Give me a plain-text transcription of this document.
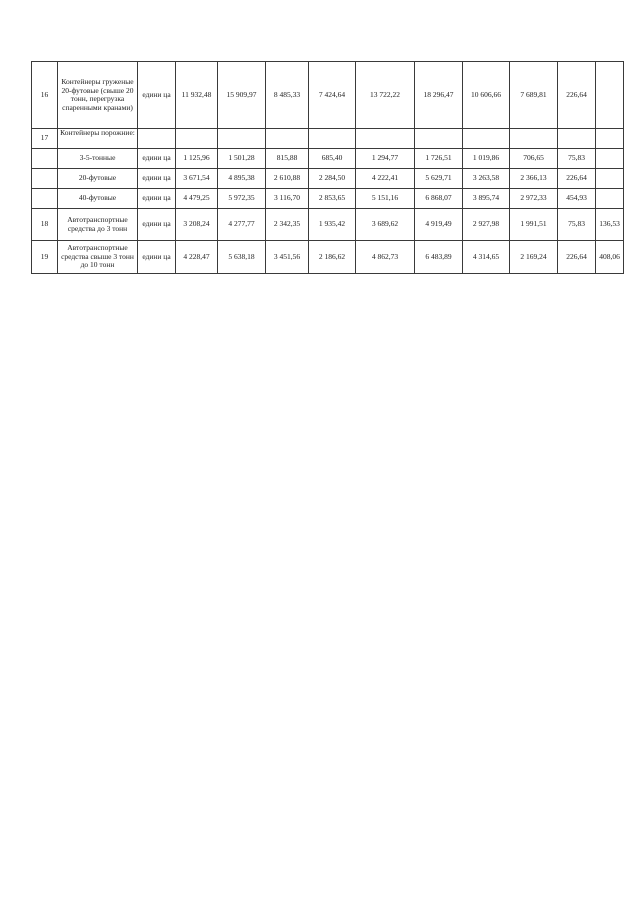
16	Контейнеры груженые 20-футовые (свыше 20 тонн, перегрузка спаренными кранами)	едини ца	11 932,48	15 909,97	8 485,33	7 424,64	13 722,22	18 296,47	10 606,66	7 689,81	226,64	
17	Контейнеры порожние:											
	3-5-тонные	едини ца	1 125,96	1 501,28	815,88	685,40	1 294,77	1 726,51	1 019,86	706,65	75,83	
	20-футовые	едини ца	3 671,54	4 895,38	2 610,88	2 284,50	4 222,41	5 629,71	3 263,58	2 366,13	226,64	
	40-футовые	едини ца	4 479,25	5 972,35	3 116,70	2 853,65	5 151,16	6 868,07	3 895,74	2 972,33	454,93	
18	Автотранспортные средства до 3 тонн	едини ца	3 208,24	4 277,77	2 342,35	1 935,42	3 689,62	4 919,49	2 927,98	1 991,51	75,83	136,53
19	Автотранспортные средства свыше 3 тонн до 10 тонн	едини ца	4 228,47	5 638,18	3 451,56	2 186,62	4 862,73	6 483,89	4 314,65	2 169,24	226,64	408,06
